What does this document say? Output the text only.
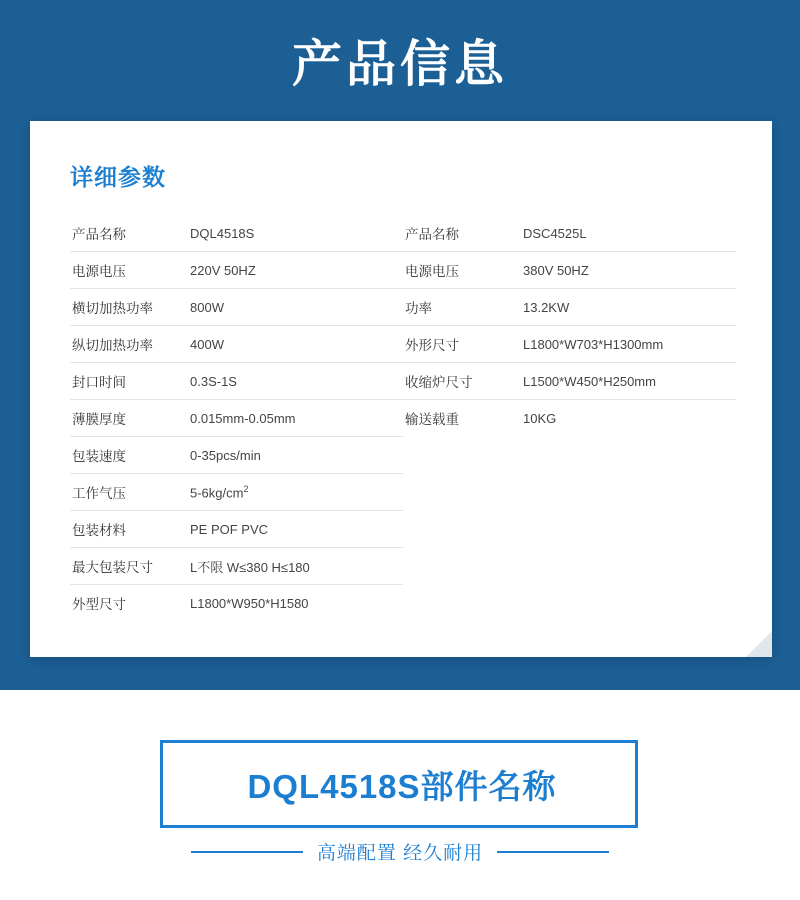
产品信息
详细参数
产品名称	DQL4518S
电源电压	220V 50HZ
横切加热功率	800W
纵切加热功率	400W
封口时间	0.3S-1S
薄膜厚度	0.015mm-0.05mm
包装速度	0-35pcs/min
工作气压	$5-6kg/cm^2$
包装材料	PE POF PVC
最大包装尺寸	L不限 W≤380 H≤180
外型尺寸	L1800*W950*H1580
产品名称	DSC4525L
电源电压	380V 50HZ
功率	13.2KW
外形尺寸	L1800*W703*H1300mm
收缩炉尺寸	L1500*W450*H250mm
输送载重	10KG
DQL4518S部件名称
高端配置 经久耐用
